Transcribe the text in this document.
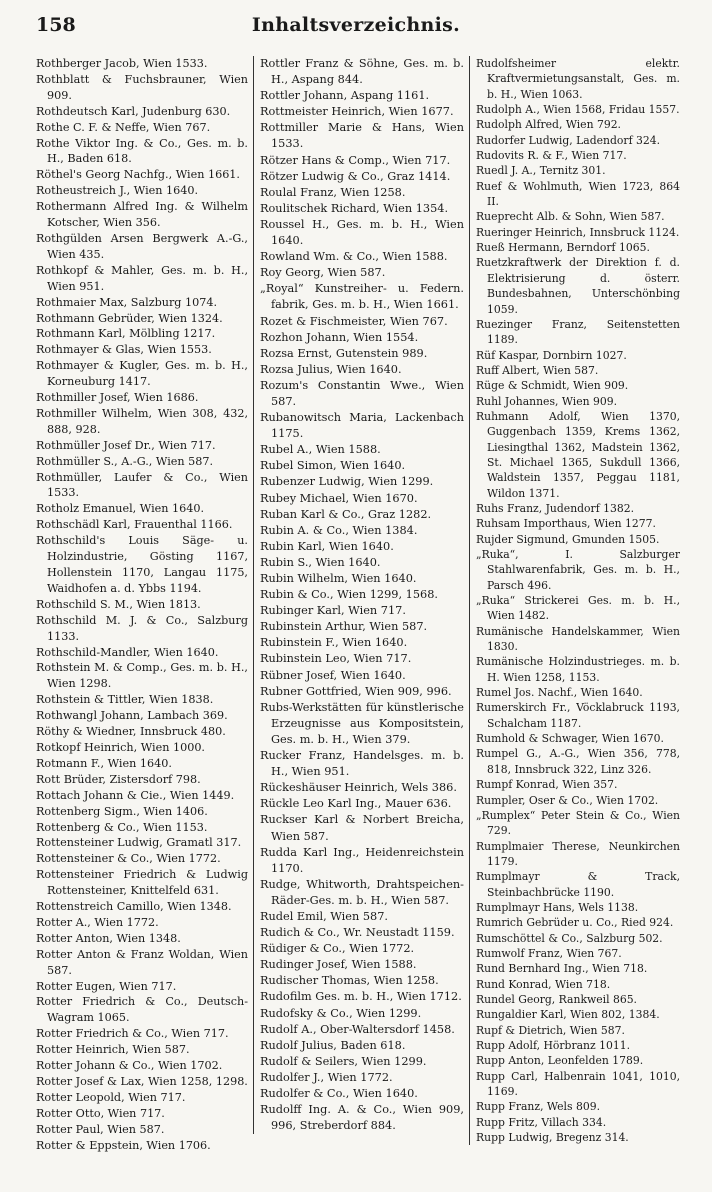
158	Inhaltsverzeichnis.
Rothberger Jacob, Wien 1533.
Rothblatt & Fuchsbrauner, Wien 909.
Rothdeutsch Karl, Judenburg 630.
Rothe C. F. & Neffe, Wien 767.
Rothe Viktor Ing. & Co., Ges. m. b. H., Baden 618.
Röthel's Georg Nachfg., Wien 1661.
Rotheustreich J., Wien 1640.
Rothermann Alfred Ing. & Wilhelm Kotscher, Wien 356.
Rothgülden Arsen Bergwerk A.-G., Wien 435.
Rothkopf & Mahler, Ges. m. b. H., Wien 951.
Rothmaier Max, Salzburg 1074.
Rothmann Gebrüder, Wien 1324.
Rothmann Karl, Mölbling 1217.
Rothmayer & Glas, Wien 1553.
Rothmayer & Kugler, Ges. m. b. H., Korneuburg 1417.
Rothmiller Josef, Wien 1686.
Rothmiller Wilhelm, Wien 308, 432, 888, 928.
Rothmüller Josef Dr., Wien 717.
Rothmüller S., A.-G., Wien 587.
Rothmüller, Laufer & Co., Wien 1533.
Rotholz Emanuel, Wien 1640.
Rothschädl Karl, Frauenthal 1166.
Rothschild's Louis Säge- u. Holzindustrie, Gösting 1167, Hollenstein 1170, Langau 1175, Waidhofen a. d. Ybbs 1194.
Rothschild S. M., Wien 1813.
Rothschild M. J. & Co., Salzburg 1133.
Rothschild-Mandler, Wien 1640.
Rothstein M. & Comp., Ges. m. b. H., Wien 1298.
Rothstein & Tittler, Wien 1838.
Rothwangl Johann, Lambach 369.
Röthy & Wiedner, Innsbruck 480.
Rotkopf Heinrich, Wien 1000.
Rotmann F., Wien 1640.
Rott Brüder, Zistersdorf 798.
Rottach Johann & Cie., Wien 1449.
Rottenberg Sigm., Wien 1406.
Rottenberg & Co., Wien 1153.
Rottensteiner Ludwig, Gramatl 317.
Rottensteiner & Co., Wien 1772.
Rottensteiner Friedrich & Ludwig Rottensteiner, Knittelfeld 631.
Rottenstreich Camillo, Wien 1348.
Rotter A., Wien 1772.
Rotter Anton, Wien 1348.
Rotter Anton & Franz Woldan, Wien 587.
Rotter Eugen, Wien 717.
Rotter Friedrich & Co., Deutsch-Wagram 1065.
Rotter Friedrich & Co., Wien 717.
Rotter Heinrich, Wien 587.
Rotter Johann & Co., Wien 1702.
Rotter Josef & Lax, Wien 1258, 1298.
Rotter Leopold, Wien 717.
Rotter Otto, Wien 717.
Rotter Paul, Wien 587.
Rotter & Eppstein, Wien 1706.
Rottler Franz & Söhne, Ges. m. b. H., Aspang 844.
Rottler Johann, Aspang 1161.
Rottmeister Heinrich, Wien 1677.
Rottmiller Marie & Hans, Wien 1533.
Rötzer Hans & Comp., Wien 717.
Rötzer Ludwig & Co., Graz 1414.
Roulal Franz, Wien 1258.
Roulitschek Richard, Wien 1354.
Roussel H., Ges. m. b. H., Wien 1640.
Rowland Wm. & Co., Wien 1588.
Roy Georg, Wien 587.
„Royal“ Kunstreiher- u. Federn. fabrik, Ges. m. b. H., Wien 1661.
Rozet & Fischmeister, Wien 767.
Rozhon Johann, Wien 1554.
Rozsa Ernst, Gutenstein 989.
Rozsa Julius, Wien 1640.
Rozum's Constantin Wwe., Wien 587.
Rubanowitsch Maria, Lackenbach 1175.
Rubel A., Wien 1588.
Rubel Simon, Wien 1640.
Rubenzer Ludwig, Wien 1299.
Rubey Michael, Wien 1670.
Ruban Karl & Co., Graz 1282.
Rubin A. & Co., Wien 1384.
Rubin Karl, Wien 1640.
Rubin S., Wien 1640.
Rubin Wilhelm, Wien 1640.
Rubin & Co., Wien 1299, 1568.
Rubinger Karl, Wien 717.
Rubinstein Arthur, Wien 587.
Rubinstein F., Wien 1640.
Rubinstein Leo, Wien 717.
Rübner Josef, Wien 1640.
Rubner Gottfried, Wien 909, 996.
Rubs-Werkstätten für künstlerische Erzeugnisse aus Kompositstein, Ges. m. b. H., Wien 379.
Rucker Franz, Handelsges. m. b. H., Wien 951.
Rückeshäuser Heinrich, Wels 386.
Rückle Leo Karl Ing., Mauer 636.
Ruckser Karl & Norbert Breicha, Wien 587.
Rudda Karl Ing., Heidenreichstein 1170.
Rudge, Whitworth, Drahtspeichen-Räder-Ges. m. b. H., Wien 587.
Rudel Emil, Wien 587.
Rudich & Co., Wr. Neustadt 1159.
Rüdiger & Co., Wien 1772.
Rudinger Josef, Wien 1588.
Rudischer Thomas, Wien 1258.
Rudofilm Ges. m. b. H., Wien 1712.
Rudofsky & Co., Wien 1299.
Rudolf A., Ober-Waltersdorf 1458.
Rudolf Julius, Baden 618.
Rudolf & Seilers, Wien 1299.
Rudolfer J., Wien 1772.
Rudolfer & Co., Wien 1640.
Rudolff Ing. A. & Co., Wien 909, 996, Streberdorf 884.
Rudolfsheimer elektr. Kraftvermietungsanstalt, Ges. m. b. H., Wien 1063.
Rudolph A., Wien 1568, Fridau 1557.
Rudolph Alfred, Wien 792.
Rudorfer Ludwig, Ladendorf 324.
Rudovits R. & F., Wien 717.
Ruedl J. A., Ternitz 301.
Ruef & Wohlmuth, Wien 1723, 864 II.
Rueprecht Alb. & Sohn, Wien 587.
Rueringer Heinrich, Innsbruck 1124.
Rueß Hermann, Berndorf 1065.
Ruetzkraftwerk der Direktion f. d. Elektrisierung d. österr. Bundesbahnen, Unterschönbing 1059.
Ruezinger Franz, Seitenstetten 1189.
Rüf Kaspar, Dornbirn 1027.
Ruff Albert, Wien 587.
Rüge & Schmidt, Wien 909.
Ruhl Johannes, Wien 909.
Ruhmann Adolf, Wien 1370, Guggenbach 1359, Krems 1362, Liesingthal 1362, Madstein 1362, St. Michael 1365, Sukdull 1366, Waldstein 1357, Peggau 1181, Wildon 1371.
Ruhs Franz, Judendorf 1382.
Ruhsam Importhaus, Wien 1277.
Rujder Sigmund, Gmunden 1505.
„Ruka“, I. Salzburger Stahlwarenfabrik, Ges. m. b. H., Parsch 496.
„Ruka“ Strickerei Ges. m. b. H., Wien 1482.
Rumänische Handelskammer, Wien 1830.
Rumänische Holzindustrieges. m. b. H. Wien 1258, 1153.
Rumel Jos. Nachf., Wien 1640.
Rumerskirch Fr., Vöcklabruck 1193, Schalcham 1187.
Rumhold & Schwager, Wien 1670.
Rumpel G., A.-G., Wien 356, 778, 818, Innsbruck 322, Linz 326.
Rumpf Konrad, Wien 357.
Rumpler, Oser & Co., Wien 1702.
„Rumplex“ Peter Stein & Co., Wien 729.
Rumplmaier Therese, Neunkirchen 1179.
Rumplmayr & Track, Steinbachbrücke 1190.
Rumplmayr Hans, Wels 1138.
Rumrich Gebrüder u. Co., Ried 924.
Rumschöttel & Co., Salzburg 502.
Rumwolf Franz, Wien 767.
Rund Bernhard Ing., Wien 718.
Rund Konrad, Wien 718.
Rundel Georg, Rankweil 865.
Rungaldier Karl, Wien 802, 1384.
Rupf & Dietrich, Wien 587.
Rupp Adolf, Hörbranz 1011.
Rupp Anton, Leonfelden 1789.
Rupp Carl, Halbenrain 1041, 1010, 1169.
Rupp Franz, Wels 809.
Rupp Fritz, Villach 334.
Rupp Ludwig, Bregenz 314.
